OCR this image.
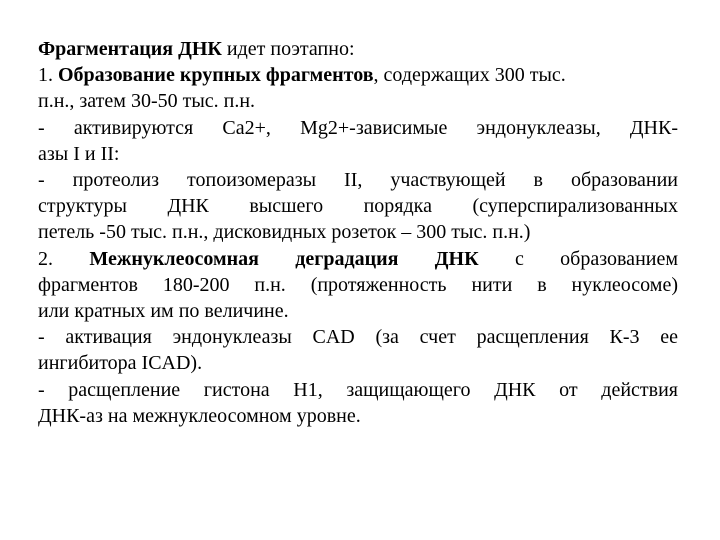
Фрагментация ДНК идет поэтапно:
1. Образование крупных фрагментов, содержащих 300 тыс.
п.н., затем 30-50 тыс. п.н.
- активируются Са2+, Mg2+-зависимые эндонуклеазы, ДНК-
азы I и II:
- протеолиз топоизомеразы II, участвующей в образовании
структуры ДНК высшего порядка (суперспирализованных
петель -50 тыс. п.н., дисковидных розеток – 300 тыс. п.н.)
2. Межнуклеосомная деградация ДНК с образованием
фрагментов 180-200 п.н. (протяженность нити в нуклеосоме)
или кратных им по величине.
- активация эндонуклеазы CAD (за счет расщепления К-3 ее
ингибитора ICAD).
- расщепление гистона Н1, защищающего ДНК от действия
ДНК-аз на межнуклеосомном уровне.
